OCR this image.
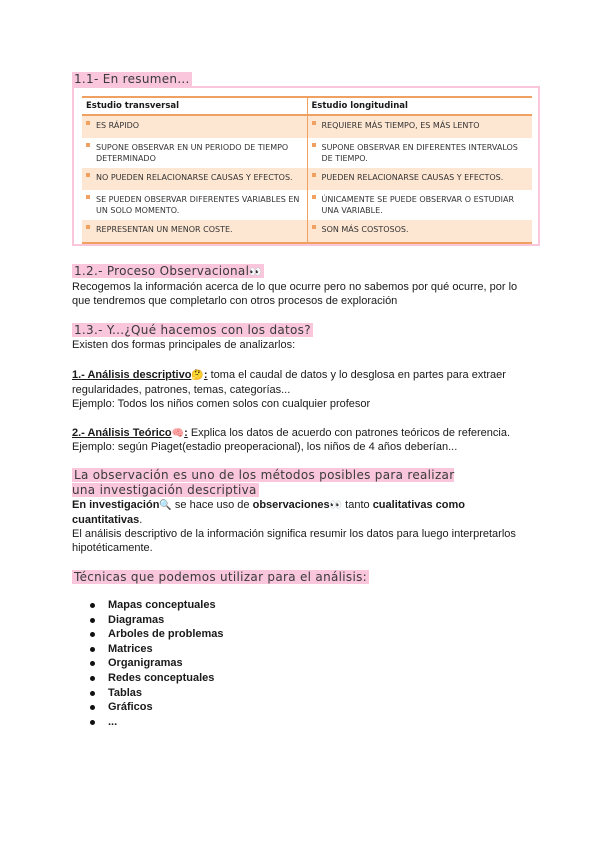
1.1- En resumen...
Estudio transversal	Estudio longitudinal

ES RÁPIDO	REQUIERE MÁS TIEMPO, ES MÁS LENTO

SUPONE OBSERVAR EN UN PERIODO DE TIEMPO DETERMINADO	SUPONE OBSERVAR EN DIFERENTES INTERVALOS DE TIEMPO.

NO PUEDEN RELACIONARSE CAUSAS Y EFECTOS.	PUEDEN RELACIONARSE CAUSAS Y EFECTOS.

SE PUEDEN OBSERVAR DIFERENTES VARIABLES EN UN SOLO MOMENTO.	ÚNICAMENTE SE PUEDE OBSERVAR O ESTUDIAR UNA VARIABLE.

REPRESENTAN UN MENOR COSTE.	SON MÁS COSTOSOS.
1.2.- Proceso Observacional👀
Recogemos la información acerca de lo que ocurre pero no sabemos por qué ocurre, por lo que tendremos que completarlo con otros procesos de exploración
1.3.- Y...¿Qué hacemos con los datos?
Existen dos formas principales de analizarlos:
1.- Análisis descriptivo🤔: toma el caudal de datos y lo desglosa en partes para extraer regularidades, patrones, temas, categorías...
Ejemplo: Todos los niños comen solos con cualquier profesor
2.- Análisis Teórico🧠: Explica los datos de acuerdo con patrones teóricos de referencia.
Ejemplo: según Piaget(estadio preoperacional), los niños de 4 años deberían...
La observación es uno de los métodos posibles para realizar una investigación descriptiva
En investigación🔍 se hace uso de observaciones👀 tanto cualitativas como cuantitativas.
El análisis descriptivo de la información significa resumir los datos para luego interpretarlos hipotéticamente.
Técnicas que podemos utilizar para el análisis:
Mapas conceptuales
Diagramas
Arboles de problemas
Matrices
Organigramas
Redes conceptuales
Tablas
Gráficos
...
